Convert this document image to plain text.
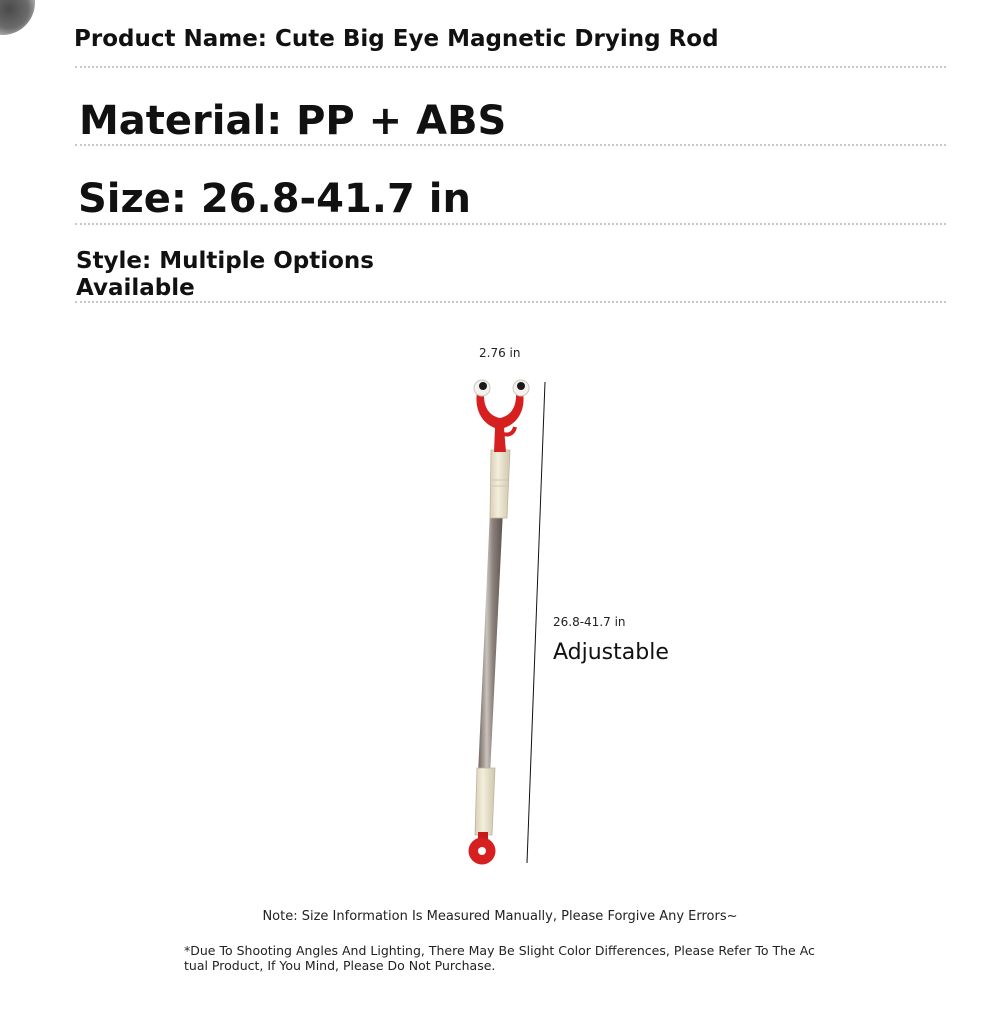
Product Name: Cute Big Eye Magnetic Drying Rod

Material: PP + ABS

Size: 26.8-41.7 in

Style: Multiple Options Available

2.76 in
26.8-41.7 in
Adjustable
Note: Size Information Is Measured Manually, Please Forgive Any Errors~
*Due To Shooting Angles And Lighting, There May Be Slight Color Differences, Please Refer To The Actual Product, If You Mind, Please Do Not Purchase.
